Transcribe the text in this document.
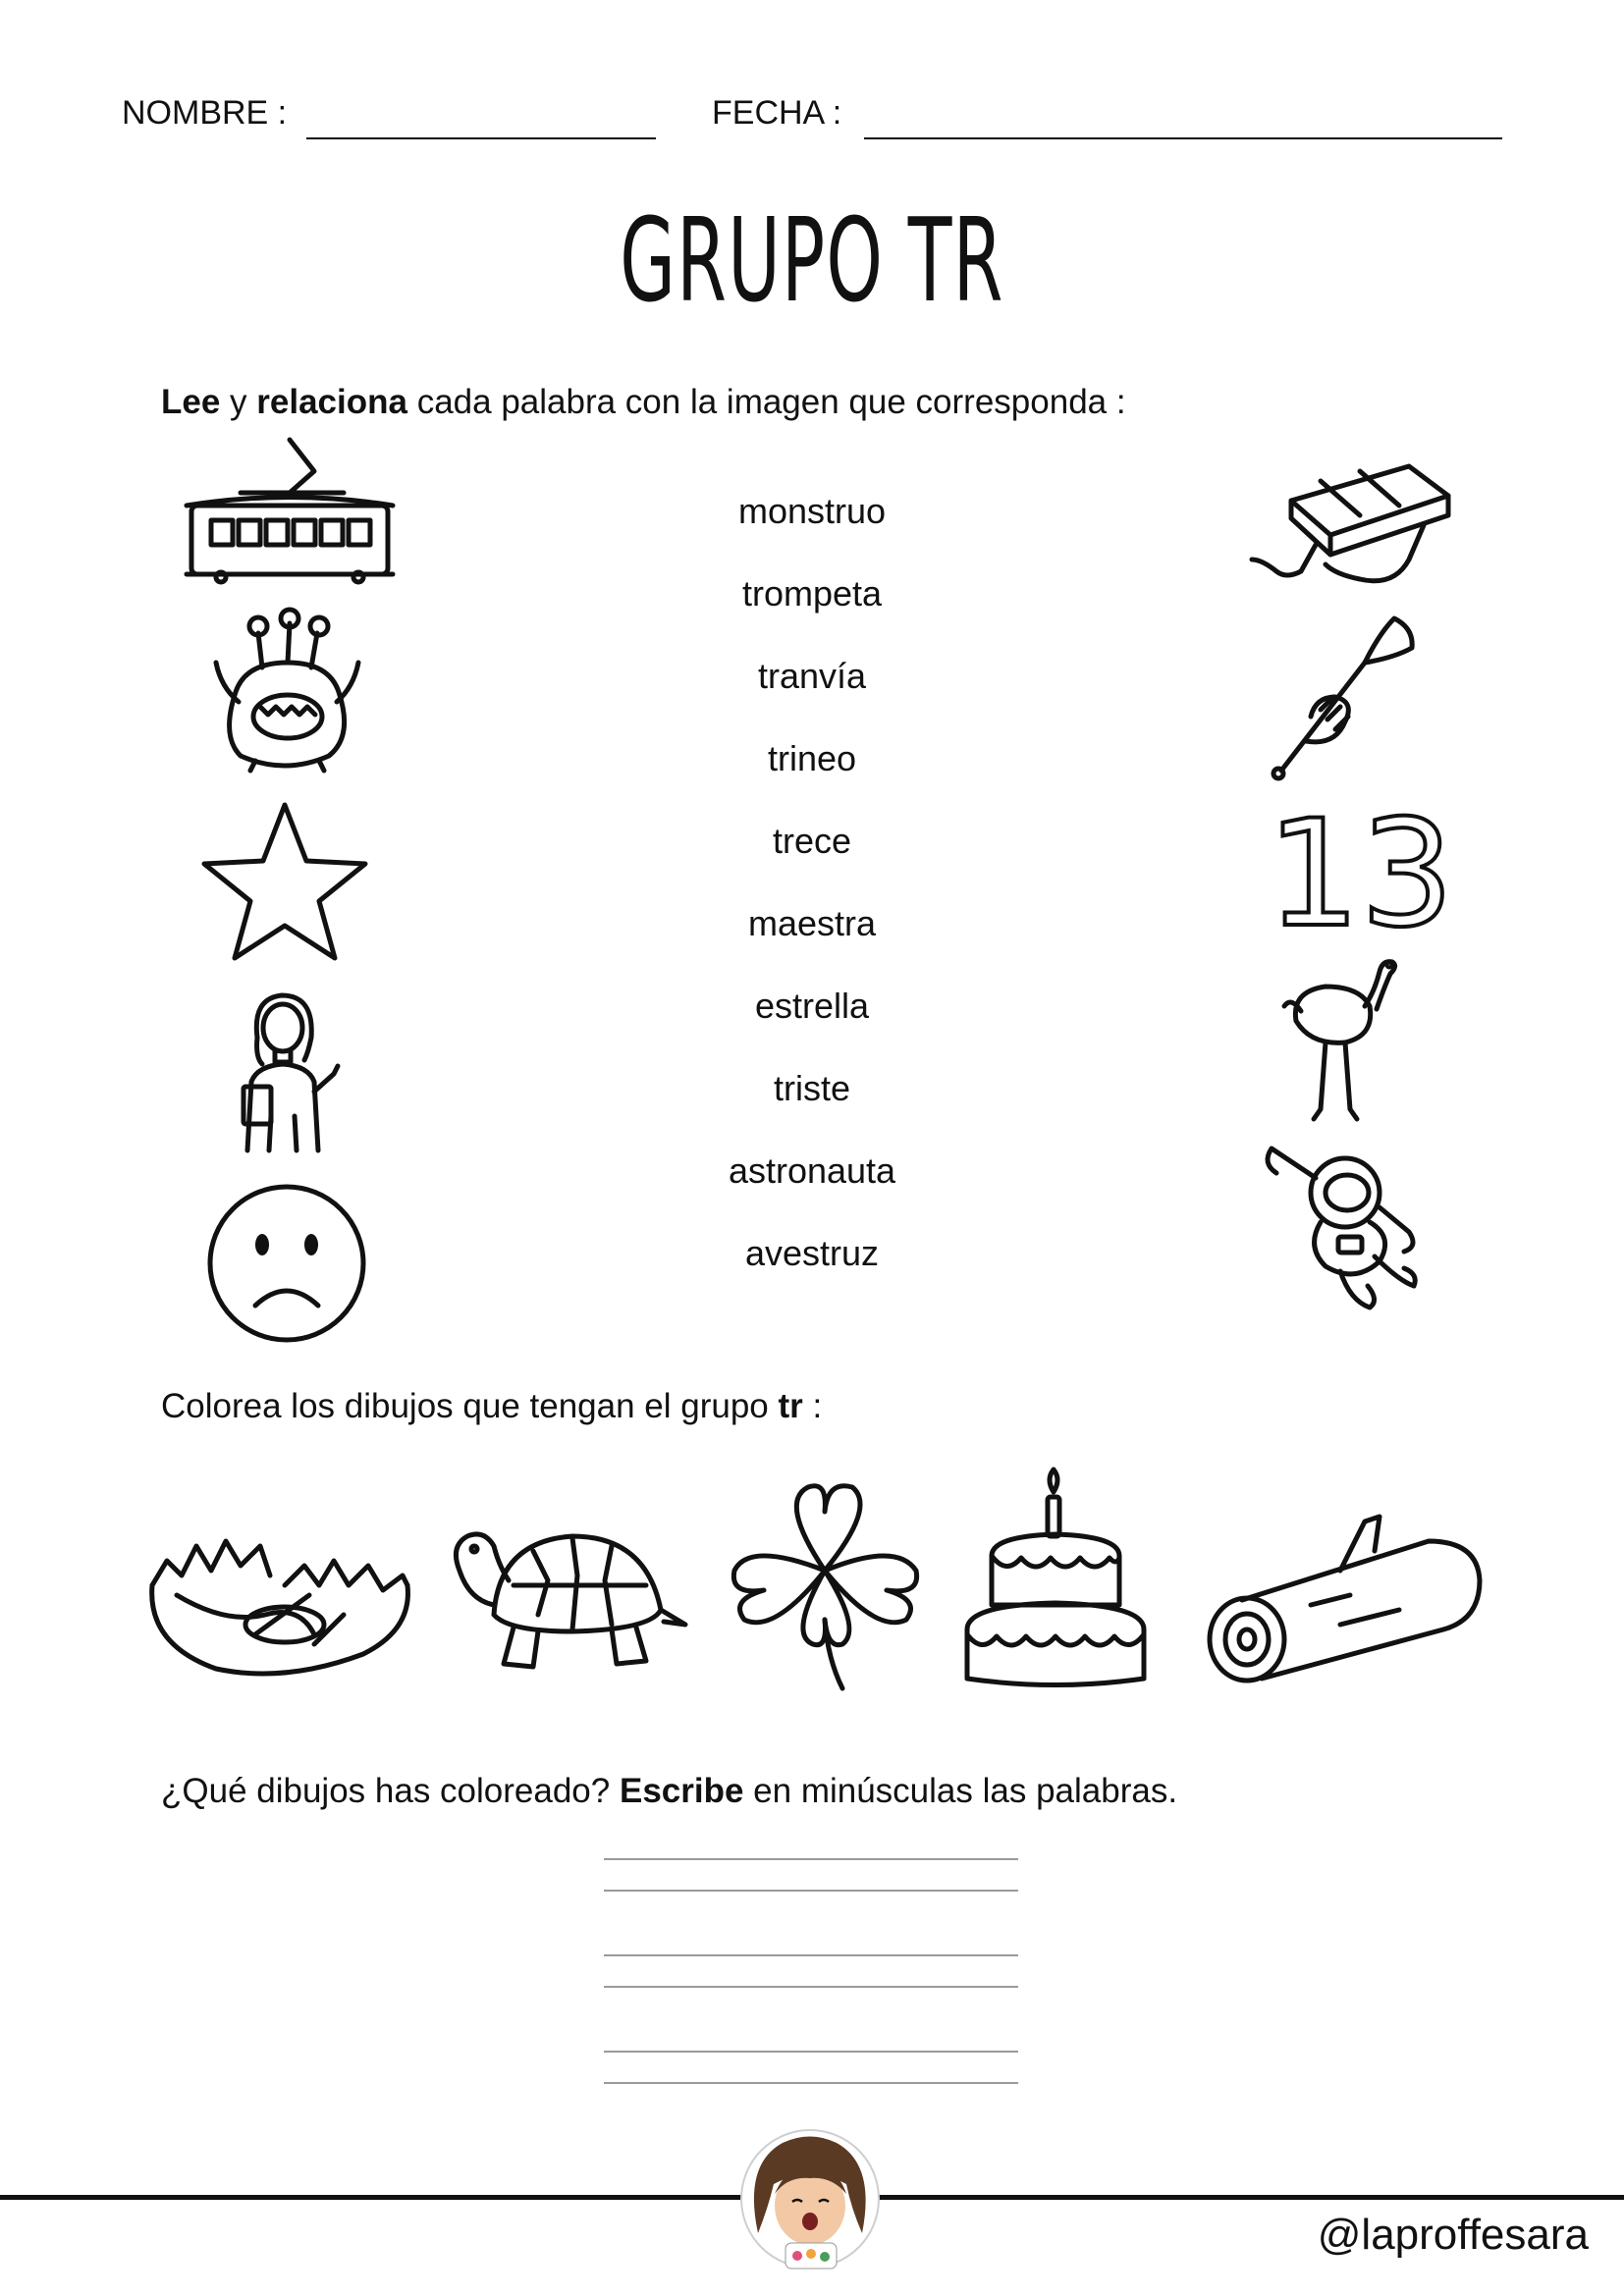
NOMBRE :	FECHA :
GRUPO TR
Lee y relaciona cada palabra con la imagen que corresponda :
monstruo
trompeta
tranvía
trineo
trece
maestra
estrella
triste
astronauta
avestruz
13
Colorea los dibujos que tengan el grupo tr :
¿Qué dibujos has coloreado? Escribe en minúsculas las palabras.
@laproffesara
